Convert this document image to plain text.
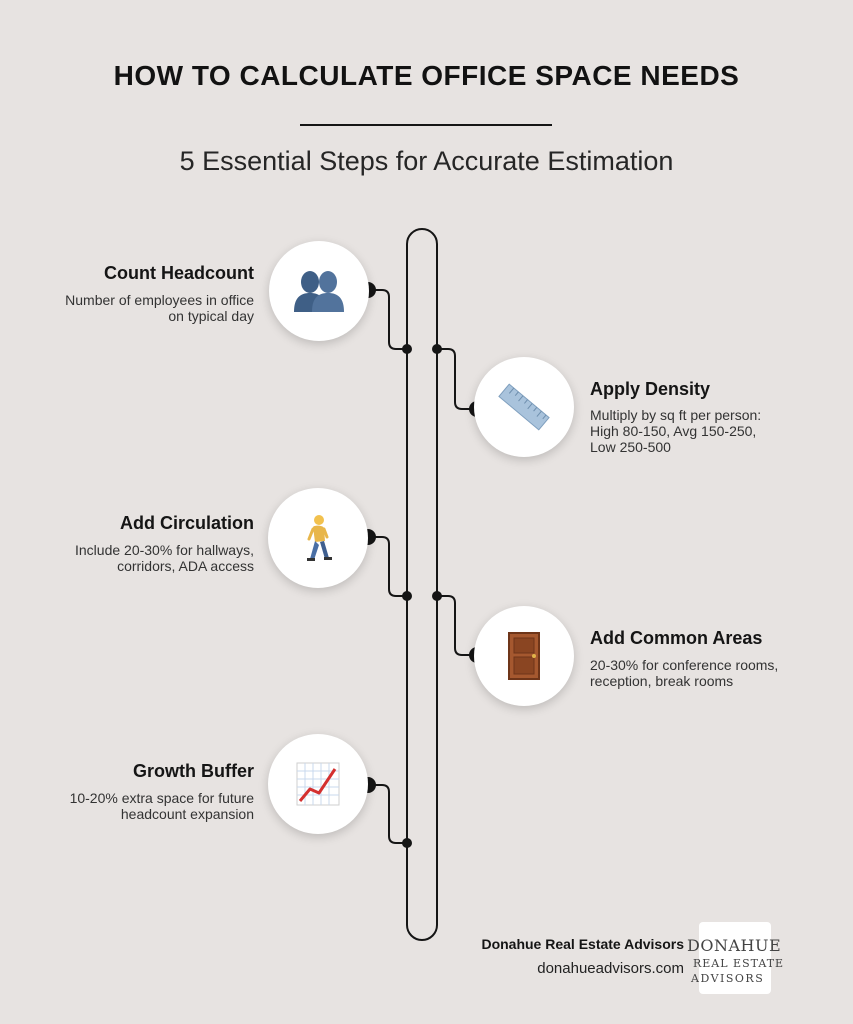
HOW TO CALCULATE OFFICE SPACE NEEDS
5 Essential Steps for Accurate Estimation
Count Headcount
Number of employees in office on typical day
Apply Density
Multiply by sq ft per person: High 80-150, Avg 150-250, Low 250-500
Add Circulation
Include 20-30% for hallways, corridors, ADA access
Add Common Areas
20-30% for conference rooms, reception, break rooms
Growth Buffer
10-20% extra space for future headcount expansion
Donahue Real Estate Advisors
donahueadvisors.com
DONAHUE
REAL ESTATE
ADVISORS
